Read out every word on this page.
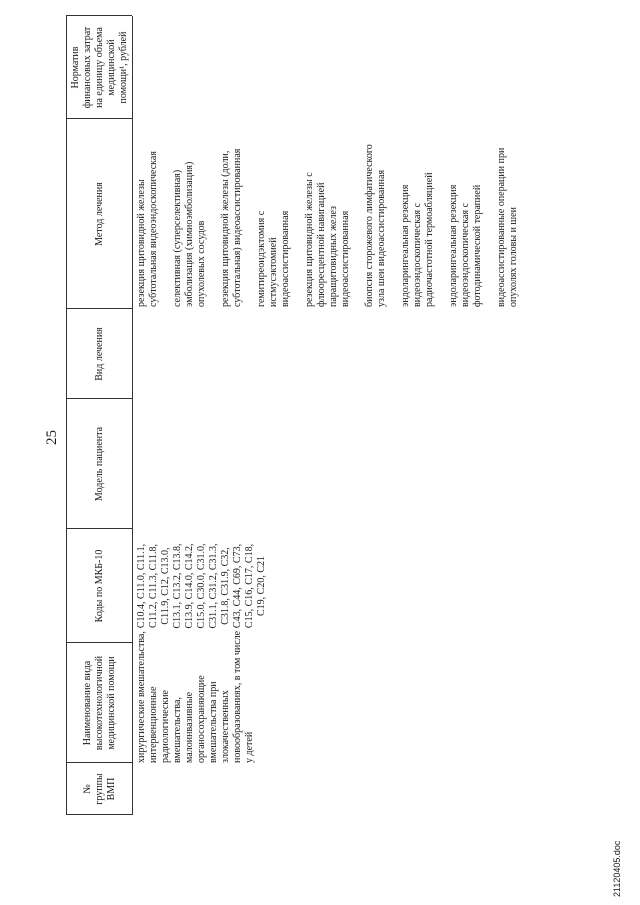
25
№ группы ВМП
Наименование вида высокотехнологичной медицинской помощи
Коды по МКБ-10
Модель пациента
Вид лечения
Метод лечения
Норматив финансовых затрат на единицу объема медицинской помощи¹, рублей
хирургические вмешательства, интервенционные радиологические вмешательства, малоинвазивные органосохраняющие вмешательства при злокачественных новообразованиях, в том числе у детей
C10.4, C11.0, C11.1, C11.2, C11.3, C11.8, C11.9, C12, C13.0, C13.1, C13.2, C13.8, C13.9, C14.0, C14.2, C15.0, C30.0, C31.0, C31.1, C31.2, C31.3, C31.8, C31.9, C32, C43, C44, C69, C73, C15, C16, C17, C18, C19, C20, C21
резекция щитовидной железы субтотальная видеоэндоскопическая селективная (суперселективная) эмболизация (химиоэмболизация) опухолевых сосудов резекция щитовидной железы (доли, субтотальная) видеоассистированная гемитиреоидэктомия с истмусэктомией видеоассистированная резекция щитовидной железы с флюоресцентной навигацией паращитовидных желез видеоассистированная биопсия сторожевого лимфатического узла шеи видеоассистированная эндоларингеальная резекция видеоэндоскопическая с радиочастотной термоабляцией эндоларингеальная резекция видеоэндоскопическая с фотодинамической терапией видеоассистированные операции при опухолях головы и шеи
21120405.doc
